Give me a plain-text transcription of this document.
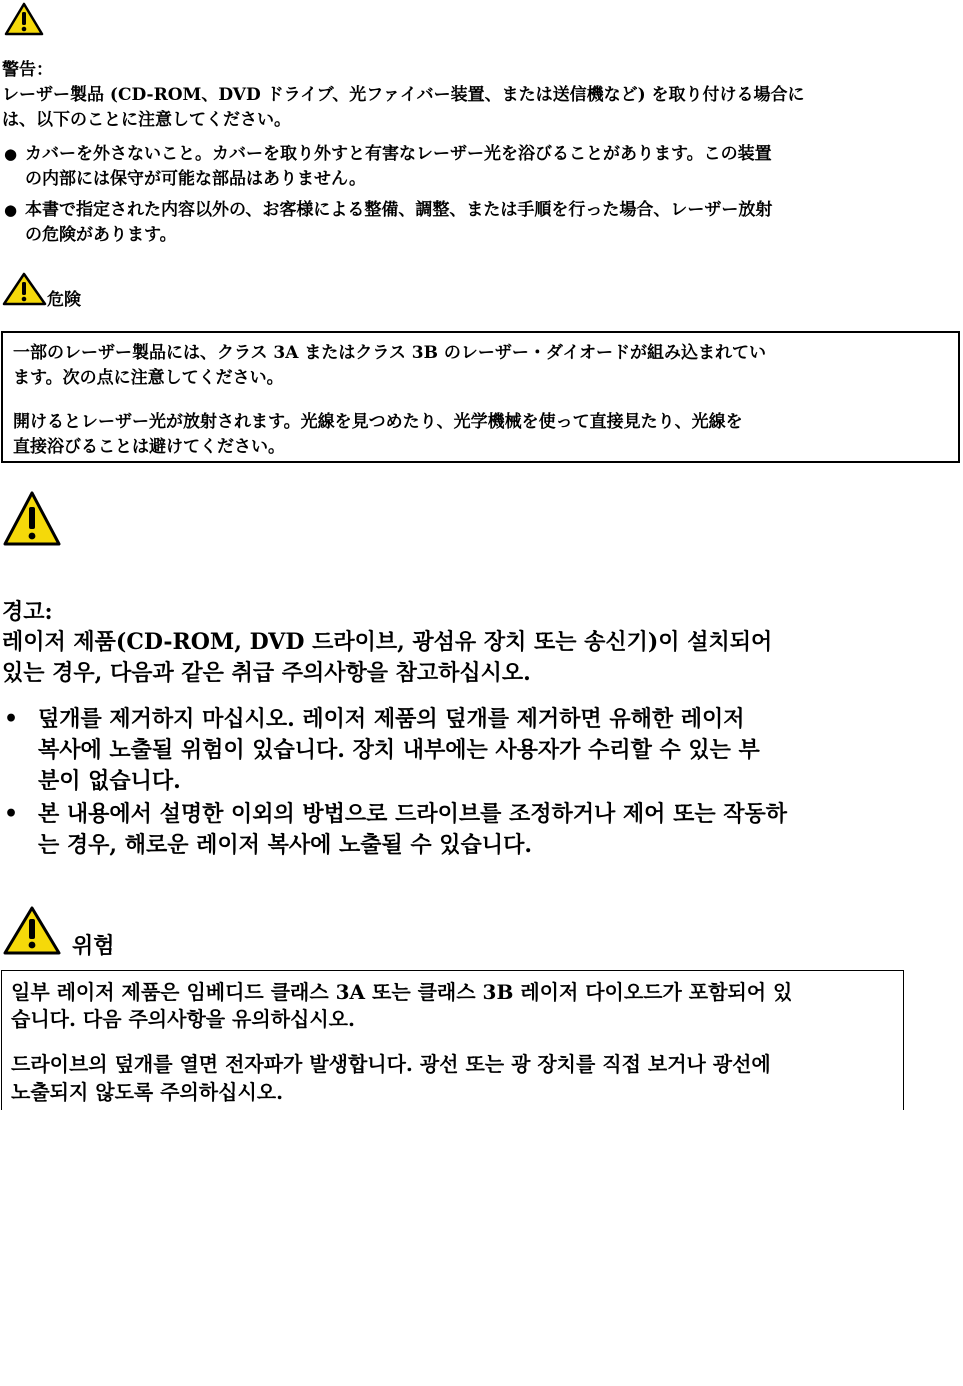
警告：
レーザー製品 (CD-ROM、DVD ドライブ、光ファイバー装置、または送信機など) を取り付ける場合に
は、以下のことに注意してください。
● カバーを外さないこと。カバーを取り外すと有害なレーザー光を浴びることがあります。この装置
の内部には保守が可能な部品はありません。
● 本書で指定された内容以外の、お客様による整備、調整、または手順を行った場合、レーザー放射
の危険があります。
危険
一部のレーザー製品には、クラス 3A またはクラス 3B のレーザー・ダイオードが組み込まれてい
ます。次の点に注意してください。
開けるとレーザー光が放射されます。光線を見つめたり、光学機械を使って直接見たり、光線を
直接浴びることは避けてください。
경고:
레이저 제품(CD-ROM, DVD 드라이브, 광섬유 장치 또는 송신기)이 설치되어
있는 경우, 다음과 같은 취급 주의사항을 참고하십시오.
• 덮개를 제거하지 마십시오. 레이저 제품의 덮개를 제거하면 유해한 레이저
복사에 노출될 위험이 있습니다. 장치 내부에는 사용자가 수리할 수 있는 부
분이 없습니다.
• 본 내용에서 설명한 이외의 방법으로 드라이브를 조정하거나 제어 또는 작동하
는 경우, 해로운 레이저 복사에 노출될 수 있습니다.
위험
일부 레이저 제품은 임베디드 클래스 3A 또는 클래스 3B 레이저 다이오드가 포함되어 있
습니다. 다음 주의사항을 유의하십시오.
드라이브의 덮개를 열면 전자파가 발생합니다. 광선 또는 광 장치를 직접 보거나 광선에
노출되지 않도록 주의하십시오.
